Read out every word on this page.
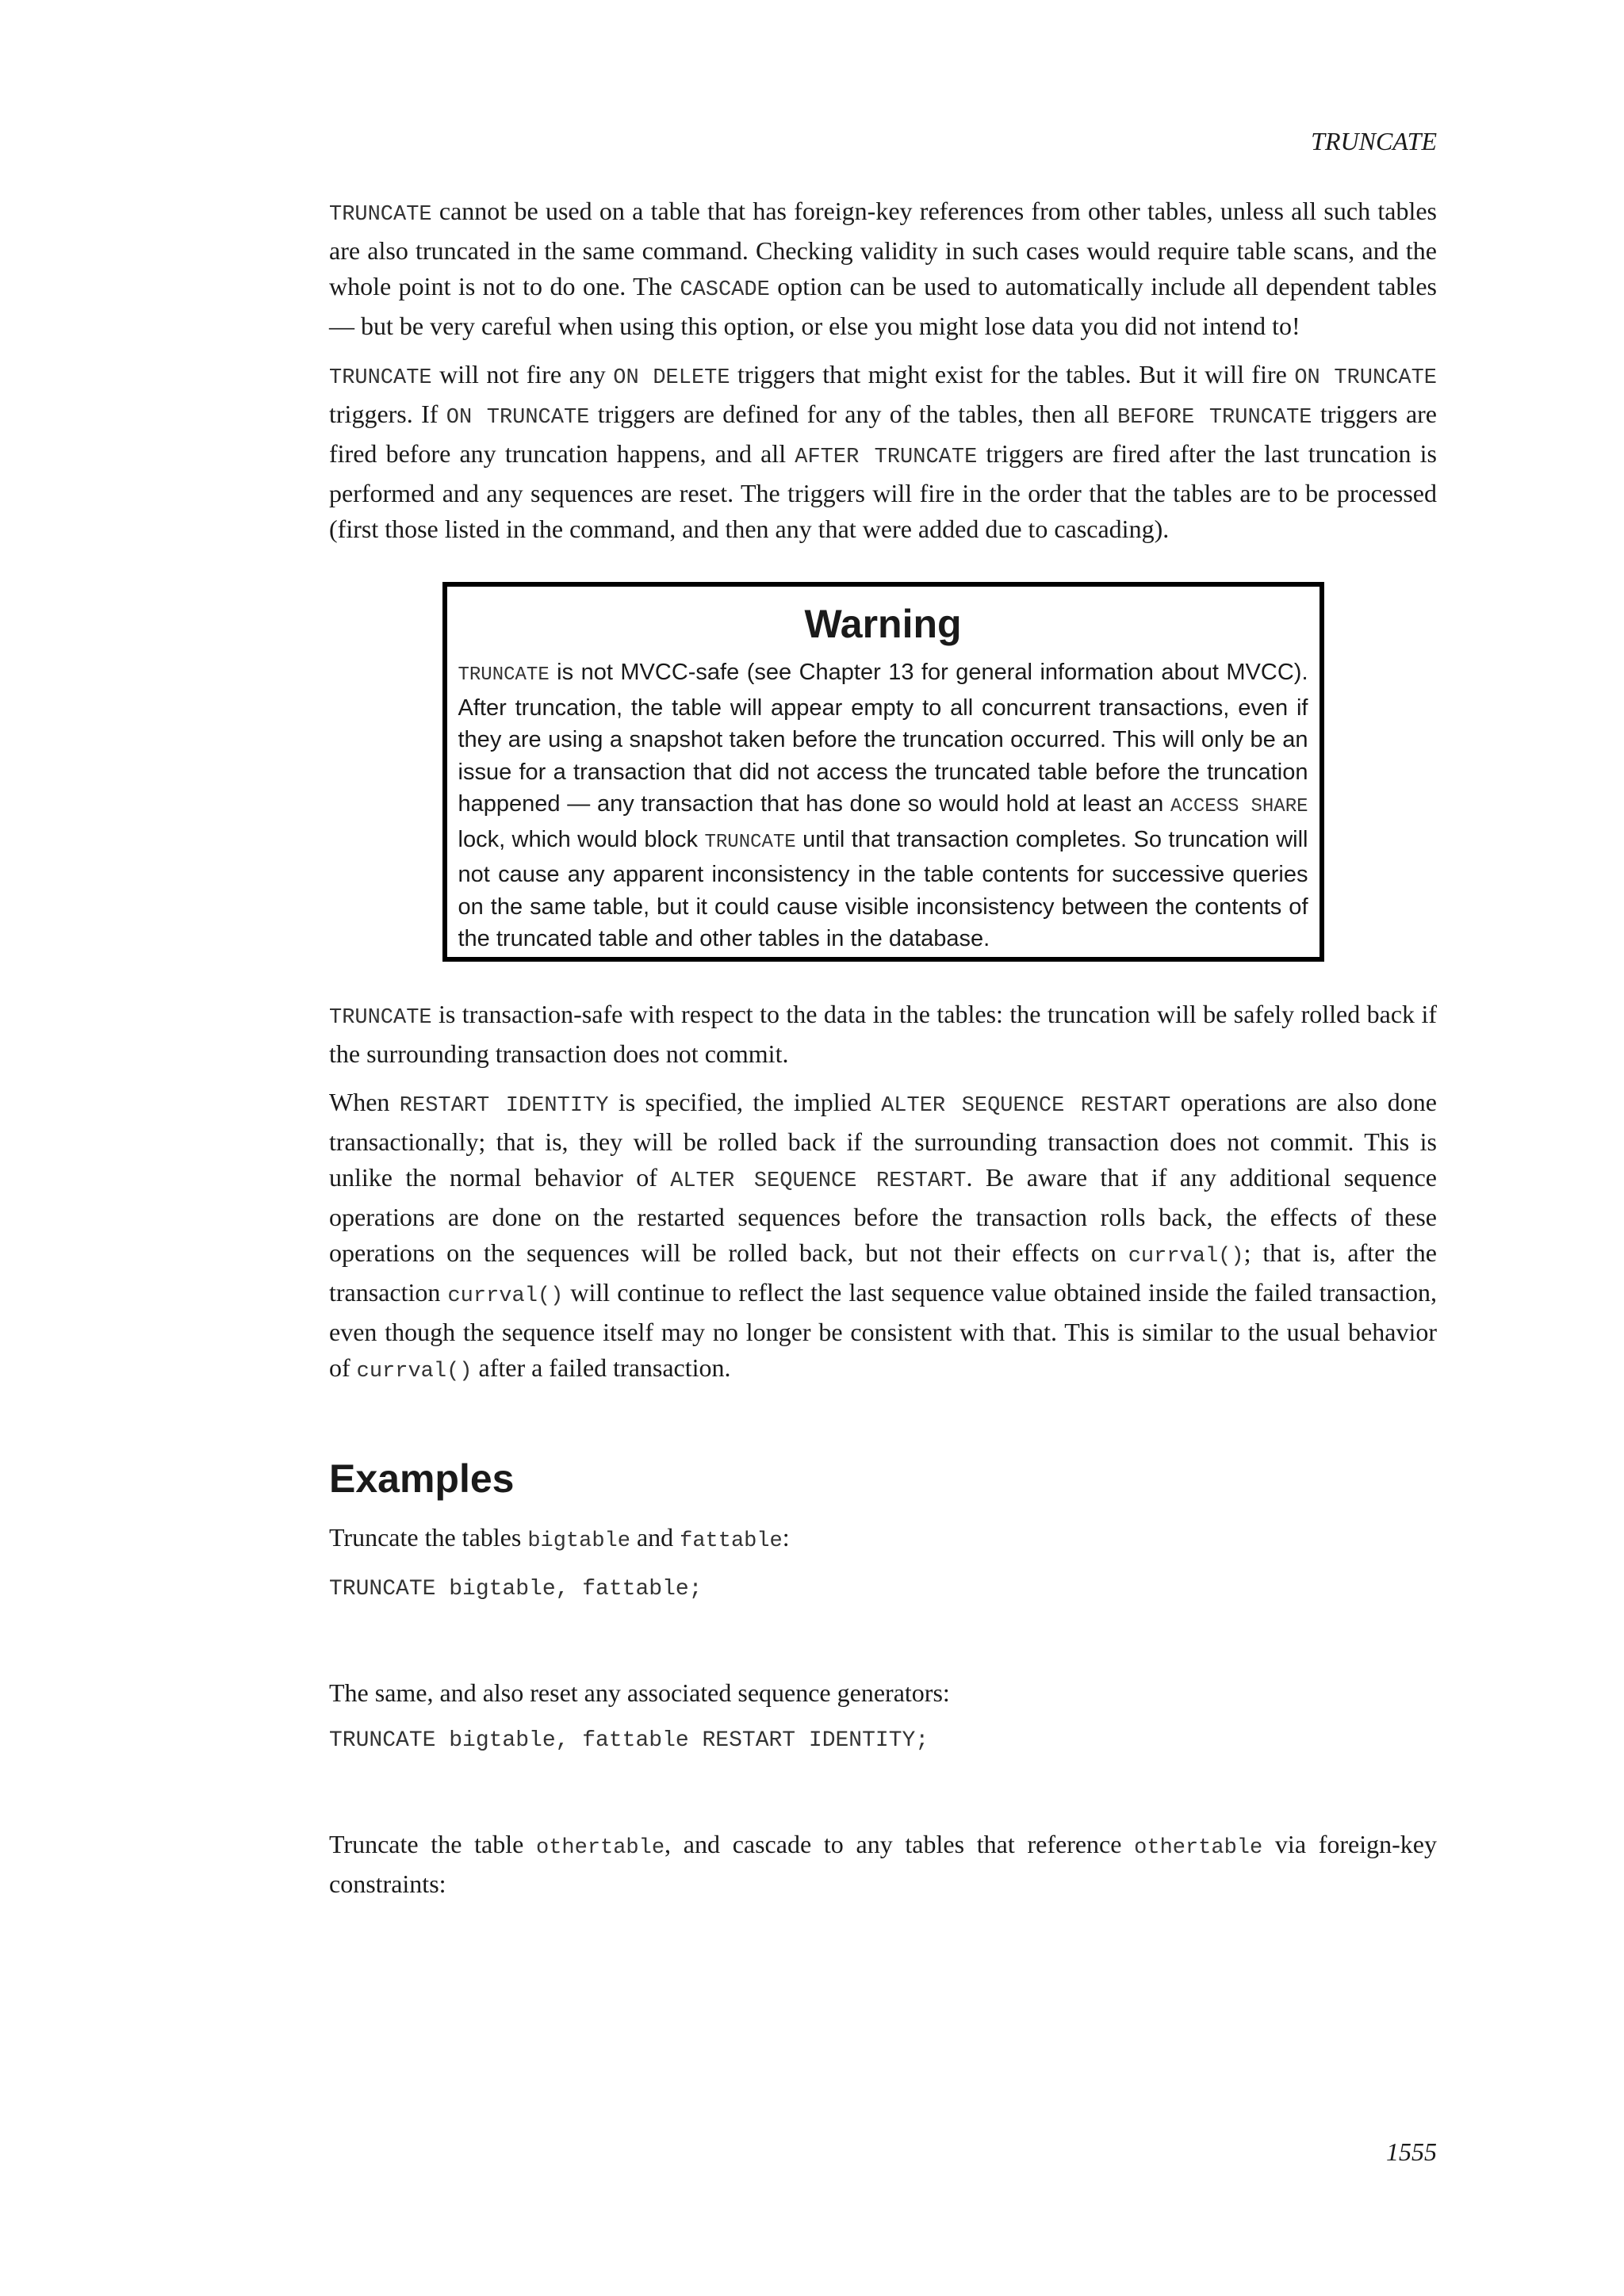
TRUNCATE

TRUNCATE cannot be used on a table that has foreign-key references from other tables, unless all such tables are also truncated in the same command. Checking validity in such cases would require table scans, and the whole point is not to do one. The CASCADE option can be used to automatically include all dependent tables — but be very careful when using this option, or else you might lose data you did not intend to!

TRUNCATE will not fire any ON DELETE triggers that might exist for the tables. But it will fire ON TRUNCATE triggers. If ON TRUNCATE triggers are defined for any of the tables, then all BEFORE TRUNCATE triggers are fired before any truncation happens, and all AFTER TRUNCATE triggers are fired after the last truncation is performed and any sequences are reset. The triggers will fire in the order that the tables are to be processed (first those listed in the command, and then any that were added due to cascading).

Warning

TRUNCATE is not MVCC-safe (see Chapter 13 for general information about MVCC). After truncation, the table will appear empty to all concurrent transactions, even if they are using a snapshot taken before the truncation occurred. This will only be an issue for a transaction that did not access the truncated table before the truncation happened — any transaction that has done so would hold at least an ACCESS SHARE lock, which would block TRUNCATE until that transaction completes. So truncation will not cause any apparent inconsistency in the table contents for successive queries on the same table, but it could cause visible inconsistency between the contents of the truncated table and other tables in the database.

TRUNCATE is transaction-safe with respect to the data in the tables: the truncation will be safely rolled back if the surrounding transaction does not commit.

When RESTART IDENTITY is specified, the implied ALTER SEQUENCE RESTART operations are also done transactionally; that is, they will be rolled back if the surrounding transaction does not commit. This is unlike the normal behavior of ALTER SEQUENCE RESTART. Be aware that if any additional sequence operations are done on the restarted sequences before the transaction rolls back, the effects of these operations on the sequences will be rolled back, but not their effects on currval(); that is, after the transaction currval() will continue to reflect the last sequence value obtained inside the failed transaction, even though the sequence itself may no longer be consistent with that. This is similar to the usual behavior of currval() after a failed transaction.

Examples

Truncate the tables bigtable and fattable:

TRUNCATE bigtable, fattable;

The same, and also reset any associated sequence generators:

TRUNCATE bigtable, fattable RESTART IDENTITY;

Truncate the table othertable, and cascade to any tables that reference othertable via foreign-key constraints:

1555
